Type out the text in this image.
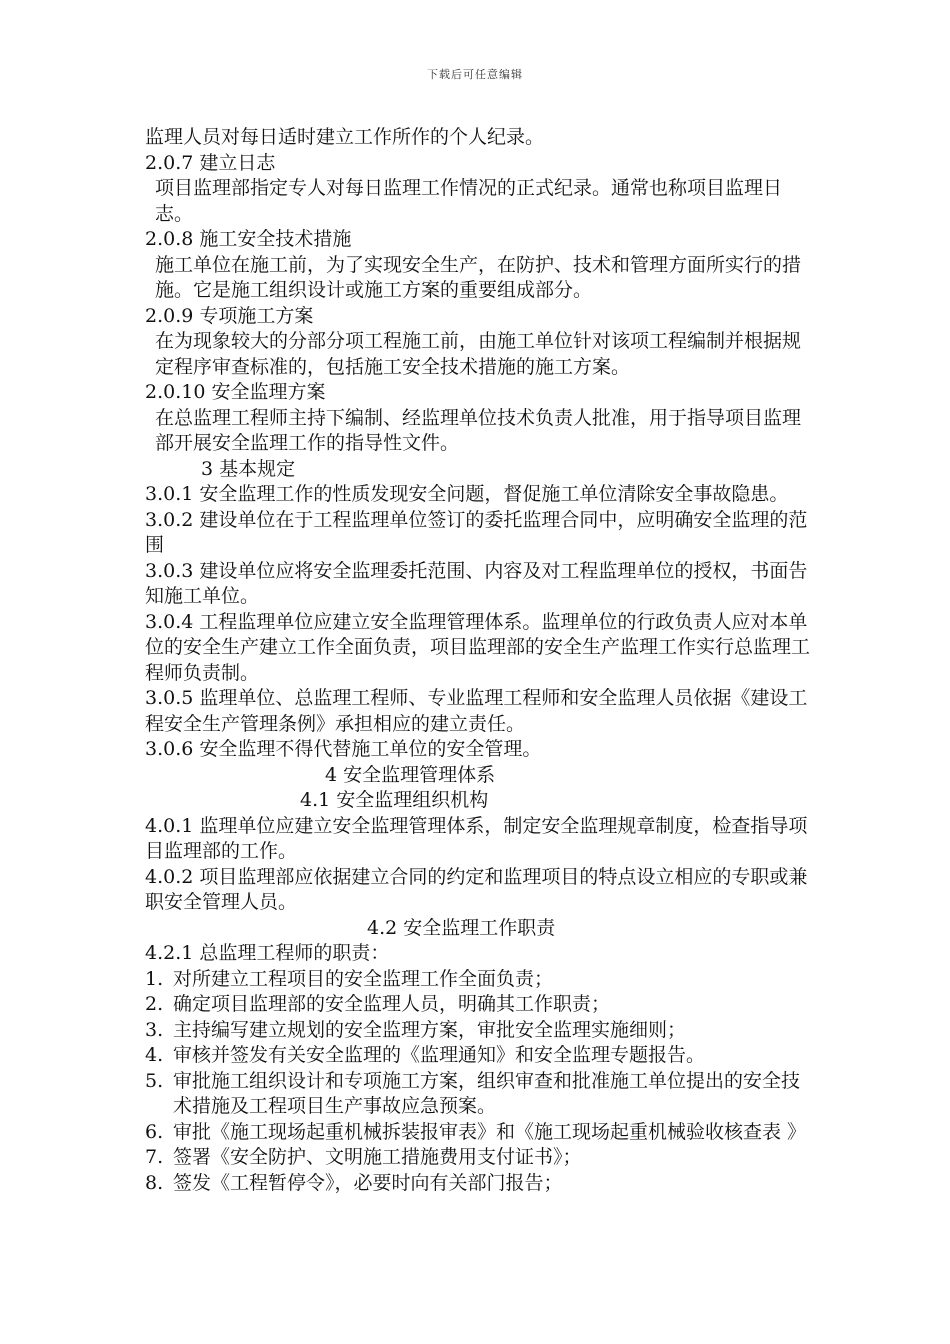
下载后可任意编辑

监理人员对每日适时建立工作所作的个人纪录。

2.0.7 建立日志

项目监理部指定专人对每日监理工作情况的正式纪录。通常也称项目监理日志。

2.0.8 施工安全技术措施

施工单位在施工前，为了实现安全生产，在防护、技术和管理方面所实行的措施。它是施工组织设计或施工方案的重要组成部分。

2.0.9 专项施工方案

在为现象较大的分部分项工程施工前，由施工单位针对该项工程编制并根据规定程序审查标准的，包括施工安全技术措施的施工方案。

2.0.10 安全监理方案

在总监理工程师主持下编制、经监理单位技术负责人批准，用于指导项目监理部开展安全监理工作的指导性文件。

3 基本规定

3.0.1 安全监理工作的性质发现安全问题，督促施工单位清除安全事故隐患。

3.0.2 建设单位在于工程监理单位签订的委托监理合同中，应明确安全监理的范围

3.0.3 建设单位应将安全监理委托范围、内容及对工程监理单位的授权，书面告知施工单位。

3.0.4 工程监理单位应建立安全监理管理体系。监理单位的行政负责人应对本单位的安全生产建立工作全面负责，项目监理部的安全生产监理工作实行总监理工程师负责制。

3.0.5 监理单位、总监理工程师、专业监理工程师和安全监理人员依据《建设工程安全生产管理条例》承担相应的建立责任。

3.0.6 安全监理不得代替施工单位的安全管理。

4 安全监理管理体系

4.1 安全监理组织机构

4.0.1 监理单位应建立安全监理管理体系，制定安全监理规章制度，检查指导项目监理部的工作。

4.0.2 项目监理部应依据建立合同的约定和监理项目的特点设立相应的专职或兼职安全管理人员。

4.2 安全监理工作职责

4.2.1 总监理工程师的职责：

1. 对所建立工程项目的安全监理工作全面负责；
2. 确定项目监理部的安全监理人员，明确其工作职责；
3. 主持编写建立规划的安全监理方案，审批安全监理实施细则；
4. 审核并签发有关安全监理的《监理通知》和安全监理专题报告。
5. 审批施工组织设计和专项施工方案，组织审查和批准施工单位提出的安全技术措施及工程项目生产事故应急预案。
6. 审批《施工现场起重机械拆装报审表》和《施工现场起重机械验收核查表 》
7. 签署《安全防护、文明施工措施费用支付证书》；
8. 签发《工程暂停令》，必要时向有关部门报告；
